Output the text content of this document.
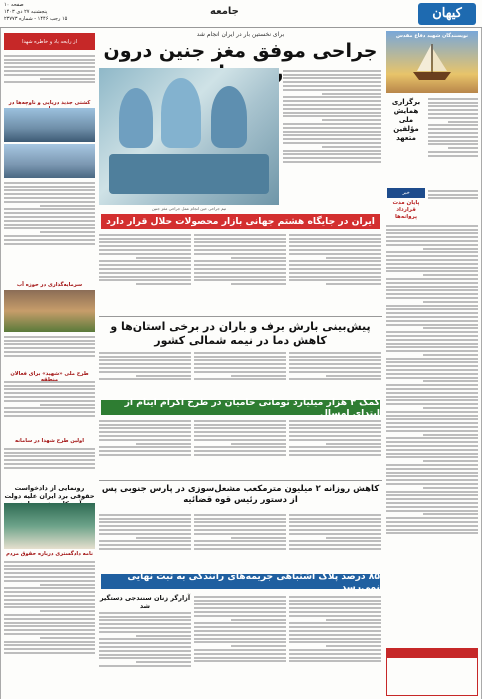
کیهان
جامعه
صفحه ۱۰
پنجشنبه ۲۷ دی ۱۴۰۳
۱۵ رجب ۱۴۴۶ - شماره ۲۳۷۷۳
از رایحه یاد و خاطره شهدا
کشتی جدید دریایی و ناوچه‌ها در
سرمایه‌گذاری در حوزه آب
طرح ملی «شهید» برای فعالان
اولین طرح شهدا در سامانه
رونمایی از دادخواست حقوقی برد ایران علیه دولت
نامه دادگستری درباره حقوق مردم
نویسندگان شهید دفاع مقدس
برگزاری همایش ملی مؤلفین متعهد
خبر
پایان مدت قرارداد پروانه‌ها
برای نخستین بار در ایران انجام شد
جراحی موفق مغز جنین درون
تیم جراحی حین انجام عمل جراحی مغز جنین
ایران در جایگاه هشتم جهانی بازار محصولات حلال قرار دارد
پیش‌بینی بارش برف و باران در برخی استان‌ها و کاهش دما در نیمه شمالی کشور
کمک ۳ هزار میلیارد تومانی حامیان در طرح اکرام ایتام از ابتدای امسال
کاهش روزانه ۲ میلیون مترمکعب مشعل‌سوزی در پارس جنوبی پس از دستور رئیس قوه قضائیه
۸۵ درصد پلاک اشتباهی جریمه‌های رانندگی به ثبت نهایی نمی‌رسد
آزارگر زنان سنندجی دستگیر شد
